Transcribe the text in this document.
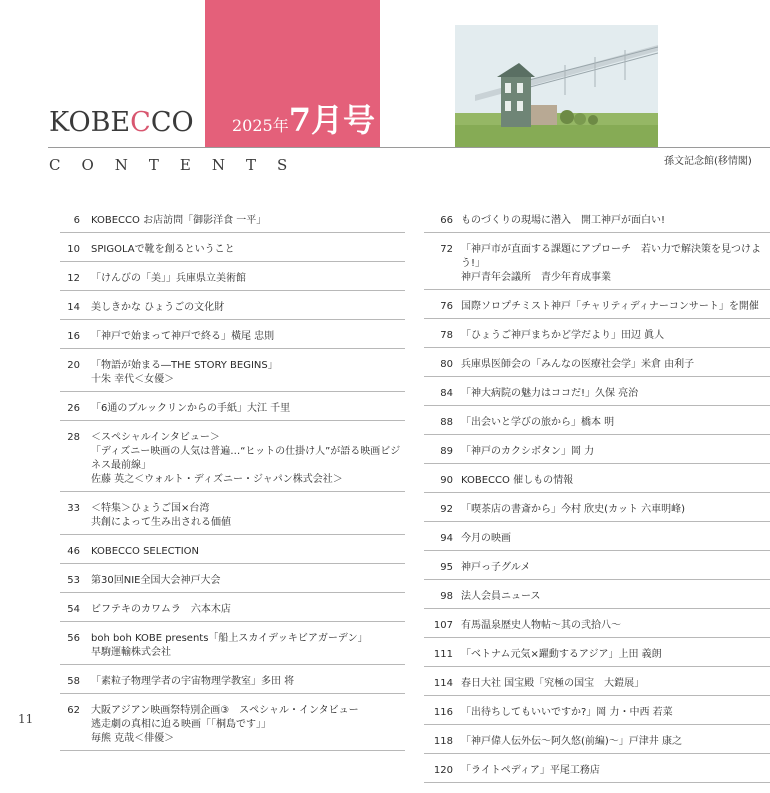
KOBECCO 2025年7月号
CONTENTS	孫文記念館(移情閣)
6 KOBECCO お店訪問「御影洋食 一平」
10 SPIGOLAで靴を創るということ
12 「けんびの「美」」兵庫県立美術館
14 美しきかな ひょうごの文化財
16 「神戸で始まって神戸で終る」橫尾 忠則
20 「物語が始まる―THE STORY BEGINS」
十朱 幸代＜女優＞
26 「6通のブルックリンからの手紙」大江 千里
28 ＜スペシャルインタビュー＞
「ディズニー映画の人気は普遍…“ヒットの仕掛け人”が語る映画ビジネス最前線」
佐藤 英之＜ウォルト・ディズニー・ジャパン株式会社＞
33 ＜特集＞ひょうご国×台湾
共創によって生み出される価値
46 KOBECCO SELECTION
53 第30回NIE全国大会神戸大会
54 ビフテキのカワムラ　六本木店
56 boh boh KOBE presents「船上スカイデッキビアガーデン」
早駒運輸株式会社
58 「素粒子物理学者の宇宙物理学教室」多田 将
62 大阪アジアン映画祭特別企画③　スペシャル・インタビュー
逃走劇の真相に迫る映画「「桐島です」」
毎熊 克哉＜俳優＞
66 ものづくりの現場に潜入　開工神戸が面白い!
72 「神戸市が直面する課題にアプローチ　若い力で解決策を見つけよう!」
神戸青年会議所　青少年育成事業
76 国際ソロプチミスト神戸「チャリティディナーコンサート」を開催
78 「ひょうご神戸まちかど学だより」田辺 眞人
80 兵庫県医師会の「みんなの医療社会学」米倉 由利子
84 「神大病院の魅力はココだ!」久保 亮治
88 「出会いと学びの旅から」橋本 明
89 「神戸のカクシボタン」岡 力
90 KOBECCO 催しもの情報
92 「喫茶店の書斎から」今村 欣史(カット 六車明峰)
94 今月の映画
95 神戸っ子グルメ
98 法人会員ニュース
107 有馬温泉歴史人物帖～其の弐拾八～
111 「ベトナム元気×躍動するアジア」上田 義朗
114 春日大社 国宝殿「究極の国宝　大鎧展」
116 「出待ちしてもいいですか?」岡 力・中西 若菜
118 「神戸偉人伝外伝～阿久悠(前編)～」戸津井 康之
120 「ライトペディア」平尾工務店
11
